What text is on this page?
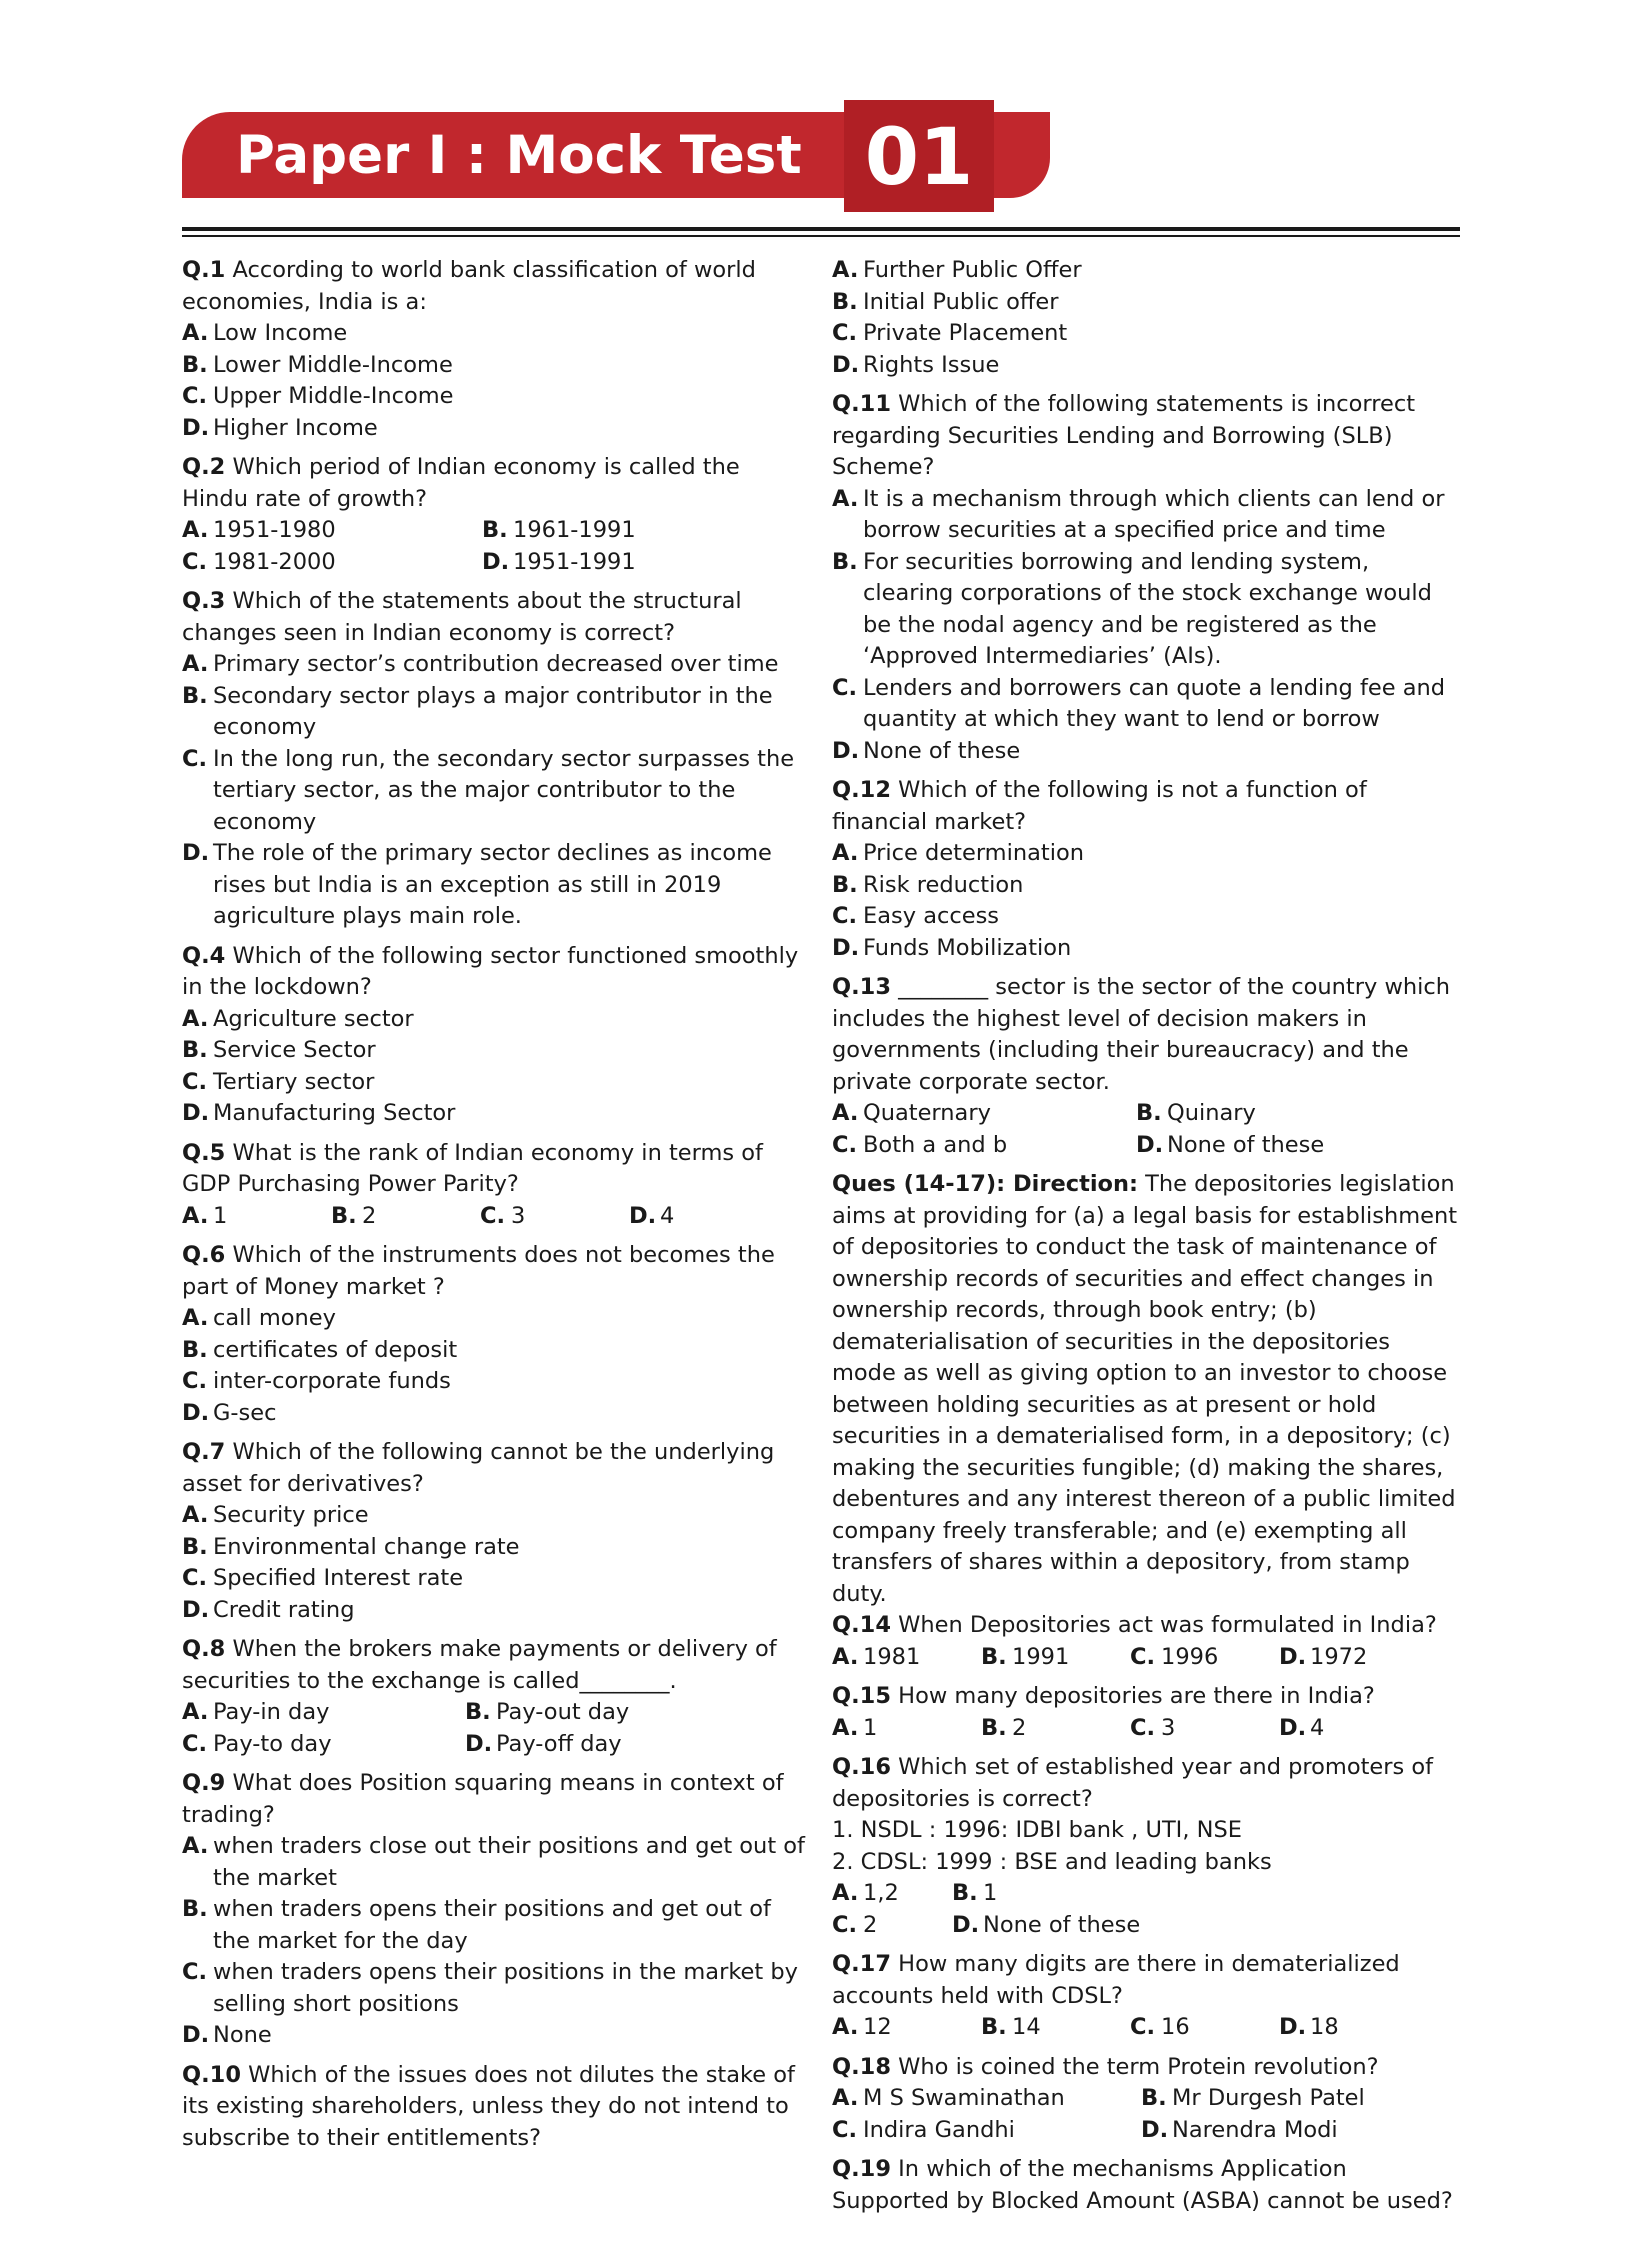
Paper I : Mock Test 01

Q.1 According to world bank classification of world economies, India is a:

A. Low Income

B. Lower Middle-Income

C. Upper Middle-Income

D. Higher Income

Q.2 Which period of Indian economy is called the Hindu rate of growth?

A. 1951-1980	B. 1961-1991
C. 1981-2000	D. 1951-1991

Q.3 Which of the statements about the structural changes seen in Indian economy is correct?

A. Primary sector’s contribution decreased over time

B. Secondary sector plays a major contributor in the economy

C. In the long run, the secondary sector surpasses the tertiary sector, as the major contributor to the economy

D. The role of the primary sector declines as income rises but India is an exception as still in 2019 agriculture plays main role.

Q.4 Which of the following sector functioned smoothly in the lockdown?

A. Agriculture sector

B. Service Sector

C. Tertiary sector

D. Manufacturing Sector

Q.5 What is the rank of Indian economy in terms of GDP Purchasing Power Parity?

A. 1	B. 2	C. 3	D. 4

Q.6 Which of the instruments does not becomes the part of Money market ?

A. call money

B. certificates of deposit

C. inter-corporate funds

D. G-sec

Q.7 Which of the following cannot be the underlying asset for derivatives?

A. Security price

B. Environmental change rate

C. Specified Interest rate

D. Credit rating

Q.8 When the brokers make payments or delivery of securities to the exchange is called________.

A. Pay-in day	B. Pay-out day
C. Pay-to day	D. Pay-off day

Q.9 What does Position squaring means in context of trading?

A. when traders close out their positions and get out of the market

B. when traders opens their positions and get out of the market for the day

C. when traders opens their positions in the market by selling short positions

D. None

Q.10 Which of the issues does not dilutes the stake of its existing shareholders, unless they do not intend to subscribe to their entitlements?

A. Further Public Offer

B. Initial Public offer

C. Private Placement

D. Rights Issue

Q.11 Which of the following statements is incorrect regarding Securities Lending and Borrowing (SLB) Scheme?

A. It is a mechanism through which clients can lend or borrow securities at a specified price and time

B. For securities borrowing and lending system, clearing corporations of the stock exchange would be the nodal agency and be registered as the ‘Approved Intermediaries’ (AIs).

C. Lenders and borrowers can quote a lending fee and quantity at which they want to lend or borrow

D. None of these

Q.12 Which of the following is not a function of financial market?

A. Price determination

B. Risk reduction

C. Easy access

D. Funds Mobilization

Q.13 ________ sector is the sector of the country which includes the highest level of decision makers in governments (including their bureaucracy) and the private corporate sector.

A. Quaternary	B. Quinary
C. Both a and b	D. None of these

Ques (14-17): Direction: The depositories legislation aims at providing for (a) a legal basis for establishment of depositories to conduct the task of maintenance of ownership records of securities and effect changes in ownership records, through book entry; (b) dematerialisation of securities in the depositories mode as well as giving option to an investor to choose between holding securities as at present or hold securities in a dematerialised form, in a depository; (c) making the securities fungible; (d) making the shares, debentures and any interest thereon of a public limited company freely transferable; and (e) exempting all transfers of shares within a depository, from stamp duty.

Q.14 When Depositories act was formulated in India?

A. 1981	B. 1991	C. 1996	D. 1972

Q.15 How many depositories are there in India?

A. 1	B. 2	C. 3	D. 4

Q.16 Which set of established year and promoters of depositories is correct?

1. NSDL : 1996: IDBI bank , UTI, NSE

2. CDSL: 1999 : BSE and leading banks

A. 1,2	B. 1
C. 2	D. None of these

Q.17 How many digits are there in dematerialized accounts held with CDSL?

A. 12	B. 14	C. 16	D. 18

Q.18 Who is coined the term Protein revolution?

A. M S Swaminathan	B. Mr Durgesh Patel
C. Indira Gandhi	D. Narendra Modi

Q.19 In which of the mechanisms Application Supported by Blocked Amount (ASBA) cannot be used?
